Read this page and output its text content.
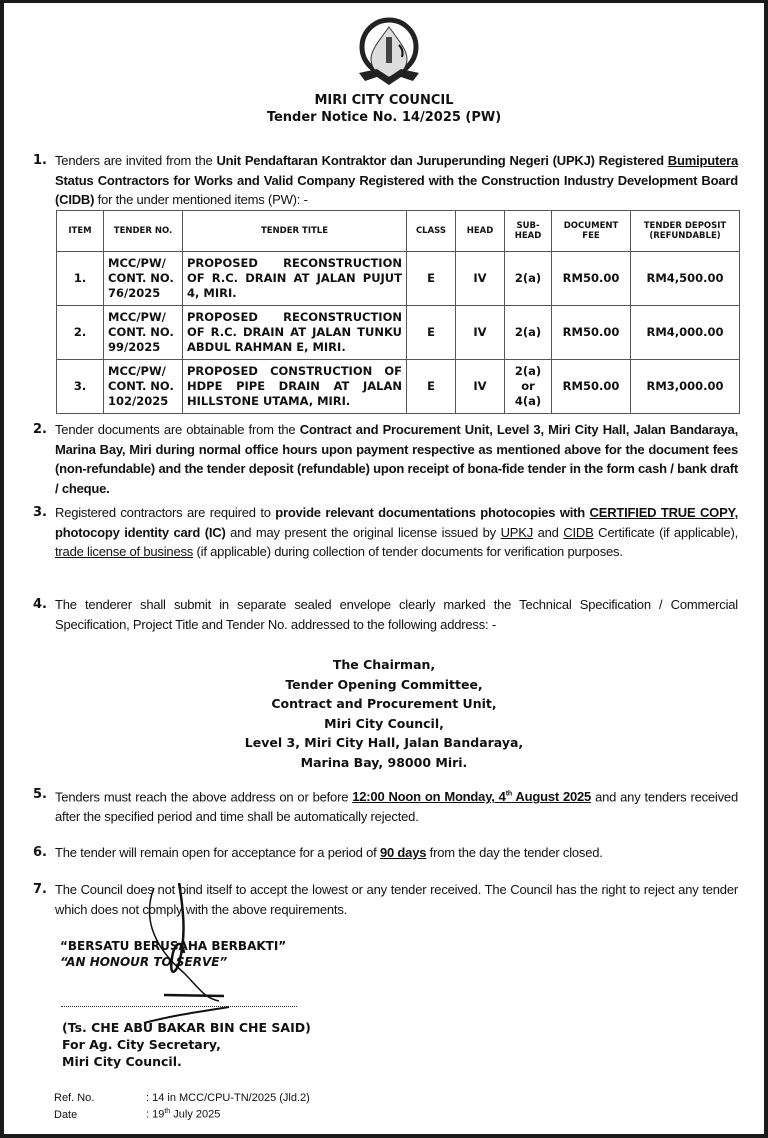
MIRI CITY COUNCIL
Tender Notice No. 14/2025 (PW)
1. Tenders are invited from the Unit Pendaftaran Kontraktor dan Juruperunding Negeri (UPKJ) Registered Bumiputera Status Contractors for Works and Valid Company Registered with the Construction Industry Development Board (CIDB) for the under mentioned items (PW): -
ITEM	TENDER NO.	TENDER TITLE	CLASS	HEAD	SUB-HEAD	DOCUMENT FEE	TENDER DEPOSIT (REFUNDABLE)
1.	MCC/PW/ CONT. NO. 76/2025	PROPOSED RECONSTRUCTION OF R.C. DRAIN AT JALAN PUJUT 4, MIRI.	E	IV	2(a)	RM50.00	RM4,500.00
2.	MCC/PW/ CONT. NO. 99/2025	PROPOSED RECONSTRUCTION OF R.C. DRAIN AT JALAN TUNKU ABDUL RAHMAN E, MIRI.	E	IV	2(a)	RM50.00	RM4,000.00
3.	MCC/PW/ CONT. NO. 102/2025	PROPOSED CONSTRUCTION OF HDPE PIPE DRAIN AT JALAN HILLSTONE UTAMA, MIRI.	E	IV	2(a) or 4(a)	RM50.00	RM3,000.00
2. Tender documents are obtainable from the Contract and Procurement Unit, Level 3, Miri City Hall, Jalan Bandaraya, Marina Bay, Miri during normal office hours upon payment respective as mentioned above for the document fees (non-refundable) and the tender deposit (refundable) upon receipt of bona-fide tender in the form cash / bank draft / cheque.
3. Registered contractors are required to provide relevant documentations photocopies with CERTIFIED TRUE COPY, photocopy identity card (IC) and may present the original license issued by UPKJ and CIDB Certificate (if applicable), trade license of business (if applicable) during collection of tender documents for verification purposes.
4. The tenderer shall submit in separate sealed envelope clearly marked the Technical Specification / Commercial Specification, Project Title and Tender No. addressed to the following address: -
The Chairman,
Tender Opening Committee,
Contract and Procurement Unit,
Miri City Council,
Level 3, Miri City Hall, Jalan Bandaraya,
Marina Bay, 98000 Miri.
5. Tenders must reach the above address on or before 12:00 Noon on Monday, 4th August 2025 and any tenders received after the specified period and time shall be automatically rejected.
6. The tender will remain open for acceptance for a period of 90 days from the day the tender closed.
7. The Council does not bind itself to accept the lowest or any tender received. The Council has the right to reject any tender which does not comply with the above requirements.
“BERSATU BERUSAHA BERBAKTI”
“AN HONOUR TO SERVE”
(Ts. CHE ABU BAKAR BIN CHE SAID)
For Ag. City Secretary,
Miri City Council.
Ref. No.	: 14 in MCC/CPU-TN/2025 (Jld.2)
Date	: 19th July 2025
